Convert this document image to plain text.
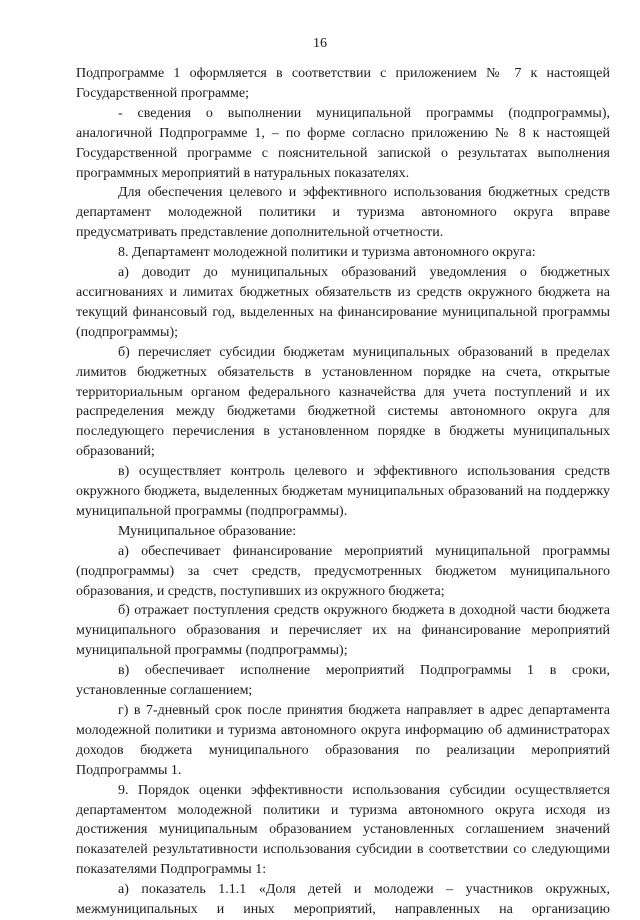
16

Подпрограмме 1 оформляется в соответствии с приложением № 7 к настоящей Государственной программе;

- сведения о выполнении муниципальной программы (подпрограммы), аналогичной Подпрограмме 1, – по форме согласно приложению № 8 к настоящей Государственной программе с пояснительной запиской о результатах выполнения программных мероприятий в натуральных показателях.

Для обеспечения целевого и эффективного использования бюджетных средств департамент молодежной политики и туризма автономного округа вправе предусматривать представление дополнительной отчетности.

8. Департамент молодежной политики и туризма автономного округа:

а) доводит до муниципальных образований уведомления о бюджетных ассигнованиях и лимитах бюджетных обязательств из средств окружного бюджета на текущий финансовый год, выделенных на финансирование муниципальной программы (подпрограммы);

б) перечисляет субсидии бюджетам муниципальных образований в пределах лимитов бюджетных обязательств в установленном порядке на счета, открытые территориальным органом федерального казначейства для учета поступлений и их распределения между бюджетами бюджетной системы автономного округа для последующего перечисления в установленном порядке в бюджеты муниципальных образований;

в) осуществляет контроль целевого и эффективного использования средств окружного бюджета, выделенных бюджетам муниципальных образований на поддержку муниципальной программы (подпрограммы).

Муниципальное образование:

а) обеспечивает финансирование мероприятий муниципальной программы (подпрограммы) за счет средств, предусмотренных бюджетом муниципального образования, и средств, поступивших из окружного бюджета;

б) отражает поступления средств окружного бюджета в доходной части бюджета муниципального образования и перечисляет их на финансирование мероприятий муниципальной программы (подпрограммы);

в) обеспечивает исполнение мероприятий Подпрограммы 1 в сроки, установленные соглашением;

г) в 7-дневный срок после принятия бюджета направляет в адрес департамента молодежной политики и туризма автономного округа информацию об администраторах доходов бюджета муниципального образования по реализации мероприятий Подпрограммы 1.

9. Порядок оценки эффективности использования субсидии осуществляется департаментом молодежной политики и туризма автономного округа исходя из достижения муниципальным образованием установленных соглашением значений показателей результативности использования субсидии в соответствии со следующими показателями Подпрограммы 1:

а) показатель 1.1.1 «Доля детей и молодежи – участников окружных, межмуниципальных и иных мероприятий, направленных на организацию
